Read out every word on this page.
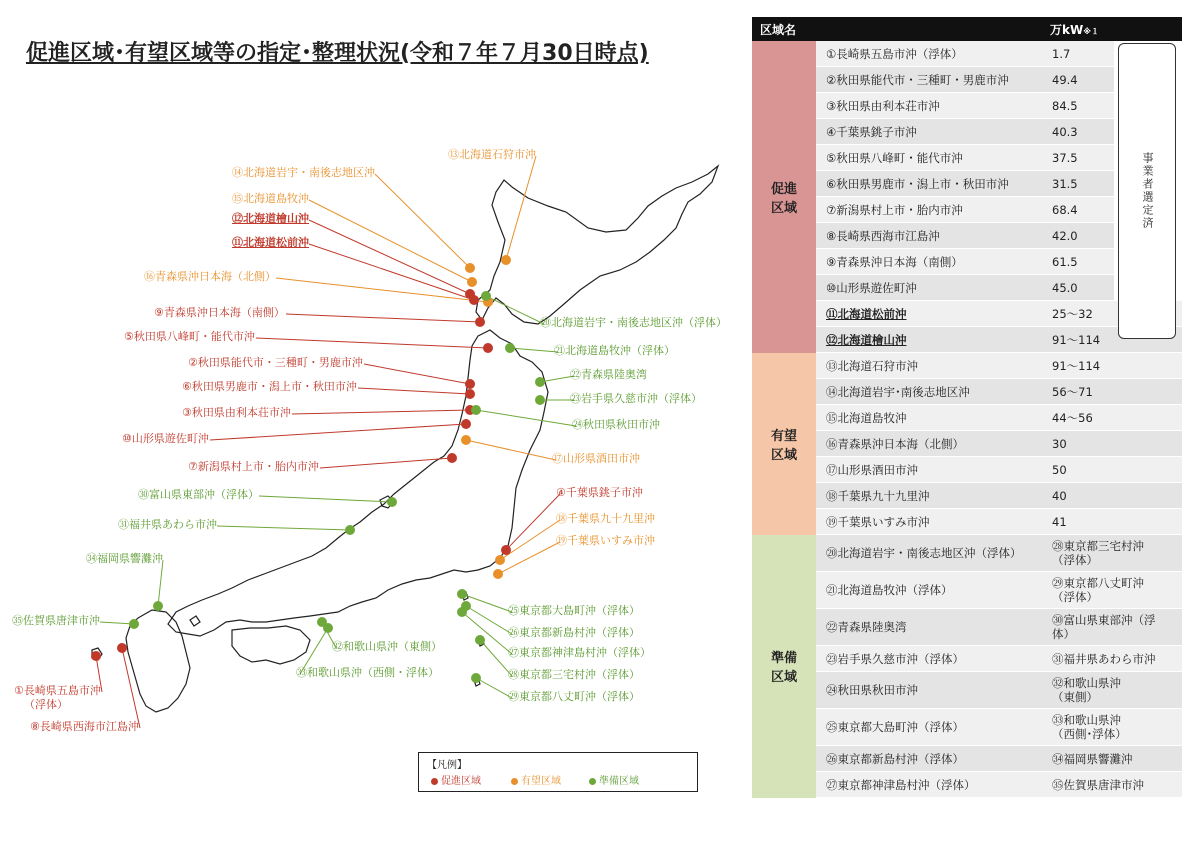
促進区域･有望区域等の指定･整理状況(令和７年７月30日時点)
⑭北海道岩宇・南後志地区沖
⑮北海道島牧沖
⑫北海道檜山沖
⑪北海道松前沖
⑬北海道石狩市沖
⑯青森県沖日本海（北側）
⑨青森県沖日本海（南側）
⑤秋田県八峰町・能代市沖
②秋田県能代市・三種町・男鹿市沖
⑥秋田県男鹿市・潟上市・秋田市沖
③秋田県由利本荘市沖
⑩山形県遊佐町沖
⑦新潟県村上市・胎内市沖
⑳北海道岩宇・南後志地区沖（浮体）
㉑北海道島牧沖（浮体）
㉒青森県陸奥湾
㉓岩手県久慈市沖（浮体）
㉔秋田県秋田市沖
⑰山形県酒田市沖
④千葉県銚子市沖
⑱千葉県九十九里沖
⑲千葉県いすみ市沖
㉚富山県東部沖（浮体）
㉛福井県あわら市沖
㉞福岡県響灘沖
㉟佐賀県唐津市沖
㉕東京都大島町沖（浮体）
㉖東京都新島村沖（浮体）
㉗東京都神津島村沖（浮体）
㉘東京都三宅村沖（浮体）
㉙東京都八丈町沖（浮体）
㉜和歌山県沖（東側）
㉝和歌山県沖（西側・浮体）
①長崎県五島市沖
（浮体）
⑧長崎県西海市江島沖
【凡例】
促進区域	有望区域	準備区域
区域名		万kW※１	
促進
区域	①長崎県五島市沖（浮体）	1.7	事業者選定済

	②秋田県能代市・三種町・男鹿市沖	49.4	
	③秋田県由利本荘市沖	84.5	
	④千葉県銚子市沖	40.3	
	⑤秋田県八峰町・能代市沖	37.5	
	⑥秋田県男鹿市・潟上市・秋田市沖	31.5	
	⑦新潟県村上市・胎内市沖	68.4	
	⑧長崎県西海市江島沖	42.0	
	⑨青森県沖日本海（南側）	61.5	
	⑩山形県遊佐町沖	45.0	
	⑪北海道松前沖	25～32	
	⑫北海道檜山沖	91～114	
有望
区域	⑬北海道石狩市沖	91～114	
	⑭北海道岩宇･南後志地区沖	56～71	
	⑮北海道島牧沖	44～56	
	⑯青森県沖日本海（北側）	30	
	⑰山形県酒田市沖	50	
	⑱千葉県九十九里沖	40	
	⑲千葉県いすみ市沖	41	
準備
区域	⑳北海道岩宇・南後志地区沖（浮体）	㉘東京都三宅村沖
（浮体）	
	㉑北海道島牧沖（浮体）	㉙東京都八丈町沖
（浮体）	
	㉒青森県陸奥湾	㉚富山県東部沖（浮
体）	
	㉓岩手県久慈市沖（浮体）	㉛福井県あわら市沖	
	㉔秋田県秋田市沖	㉜和歌山県沖
（東側）	
	㉕東京都大島町沖（浮体）	㉝和歌山県沖
（西側･浮体）	
	㉖東京都新島村沖（浮体）	㉞福岡県響灘沖	
	㉗東京都神津島村沖（浮体）	㉟佐賀県唐津市沖	
